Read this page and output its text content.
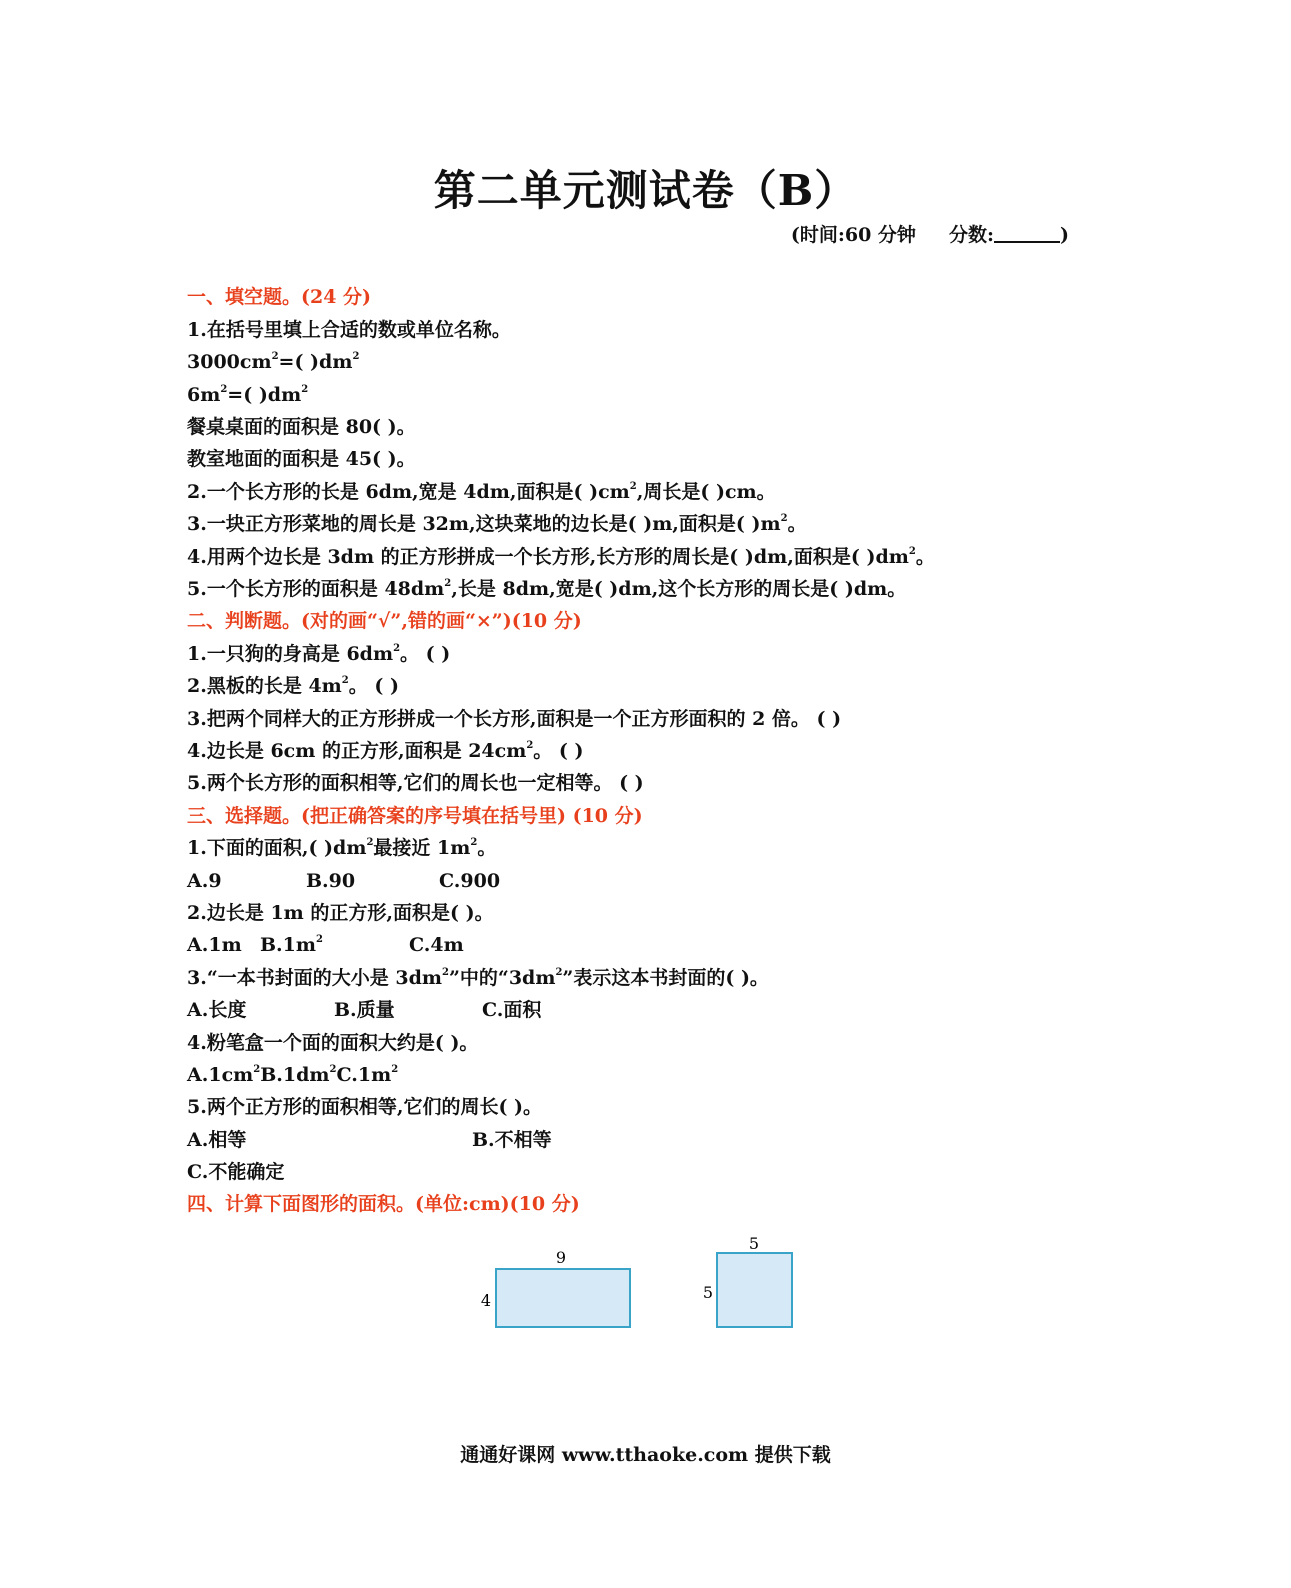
第二单元测试卷（B）
(时间:60 分钟 分数:	)
一、填空题。(24 分)
1.在括号里填上合适的数或单位名称。
$3000cm^2=$( )$dm^2$
$6m^2=$( )$dm^2$
餐桌桌面的面积是 80( )。
教室地面的面积是 45( )。
2.一个长方形的长是 6dm,宽是 4dm,面积是( )$cm^2$,周长是( )cm。
3.一块正方形菜地的周长是 32m,这块菜地的边长是( )m,面积是( )$m^2$。
4.用两个边长是 3dm 的正方形拼成一个长方形,长方形的周长是( )dm,面积是( )$dm^2$。
5.一个长方形的面积是 $48dm^2$,长是 8dm,宽是( )dm,这个长方形的周长是( )dm。
二、判断题。(对的画“√”,错的画“×”)(10 分)
1.一只狗的身高是 $6dm^2$。 ( )
2.黑板的长是 $4m^2$。 ( )
3.把两个同样大的正方形拼成一个长方形,面积是一个正方形面积的 2 倍。 ( )
4.边长是 6cm 的正方形,面积是 $24cm^2$。 ( )
5.两个长方形的面积相等,它们的周长也一定相等。 ( )
三、选择题。(把正确答案的序号填在括号里) (10 分)
1.下面的面积,( )$dm^2$最接近 $1m^2$。
A.9	B.90	C.900
2.边长是 1m 的正方形,面积是( )。
A.1m $B.1m^2$	C.4m
3.“一本书封面的大小是 $3dm^2$”中的“$3dm^2$”表示这本书封面的( )。
A.长度	B.质量	C.面积
4.粉笔盒一个面的面积大约是( )。
$A.1cm^2B.1dm^2C.1m^2$
5.两个正方形的面积相等,它们的周长( )。
A.相等	B.不相等
C.不能确定
四、计算下面图形的面积。(单位:cm)(10 分)
9
4
5
5
通通好课网 www.tthaoke.com 提供下载
